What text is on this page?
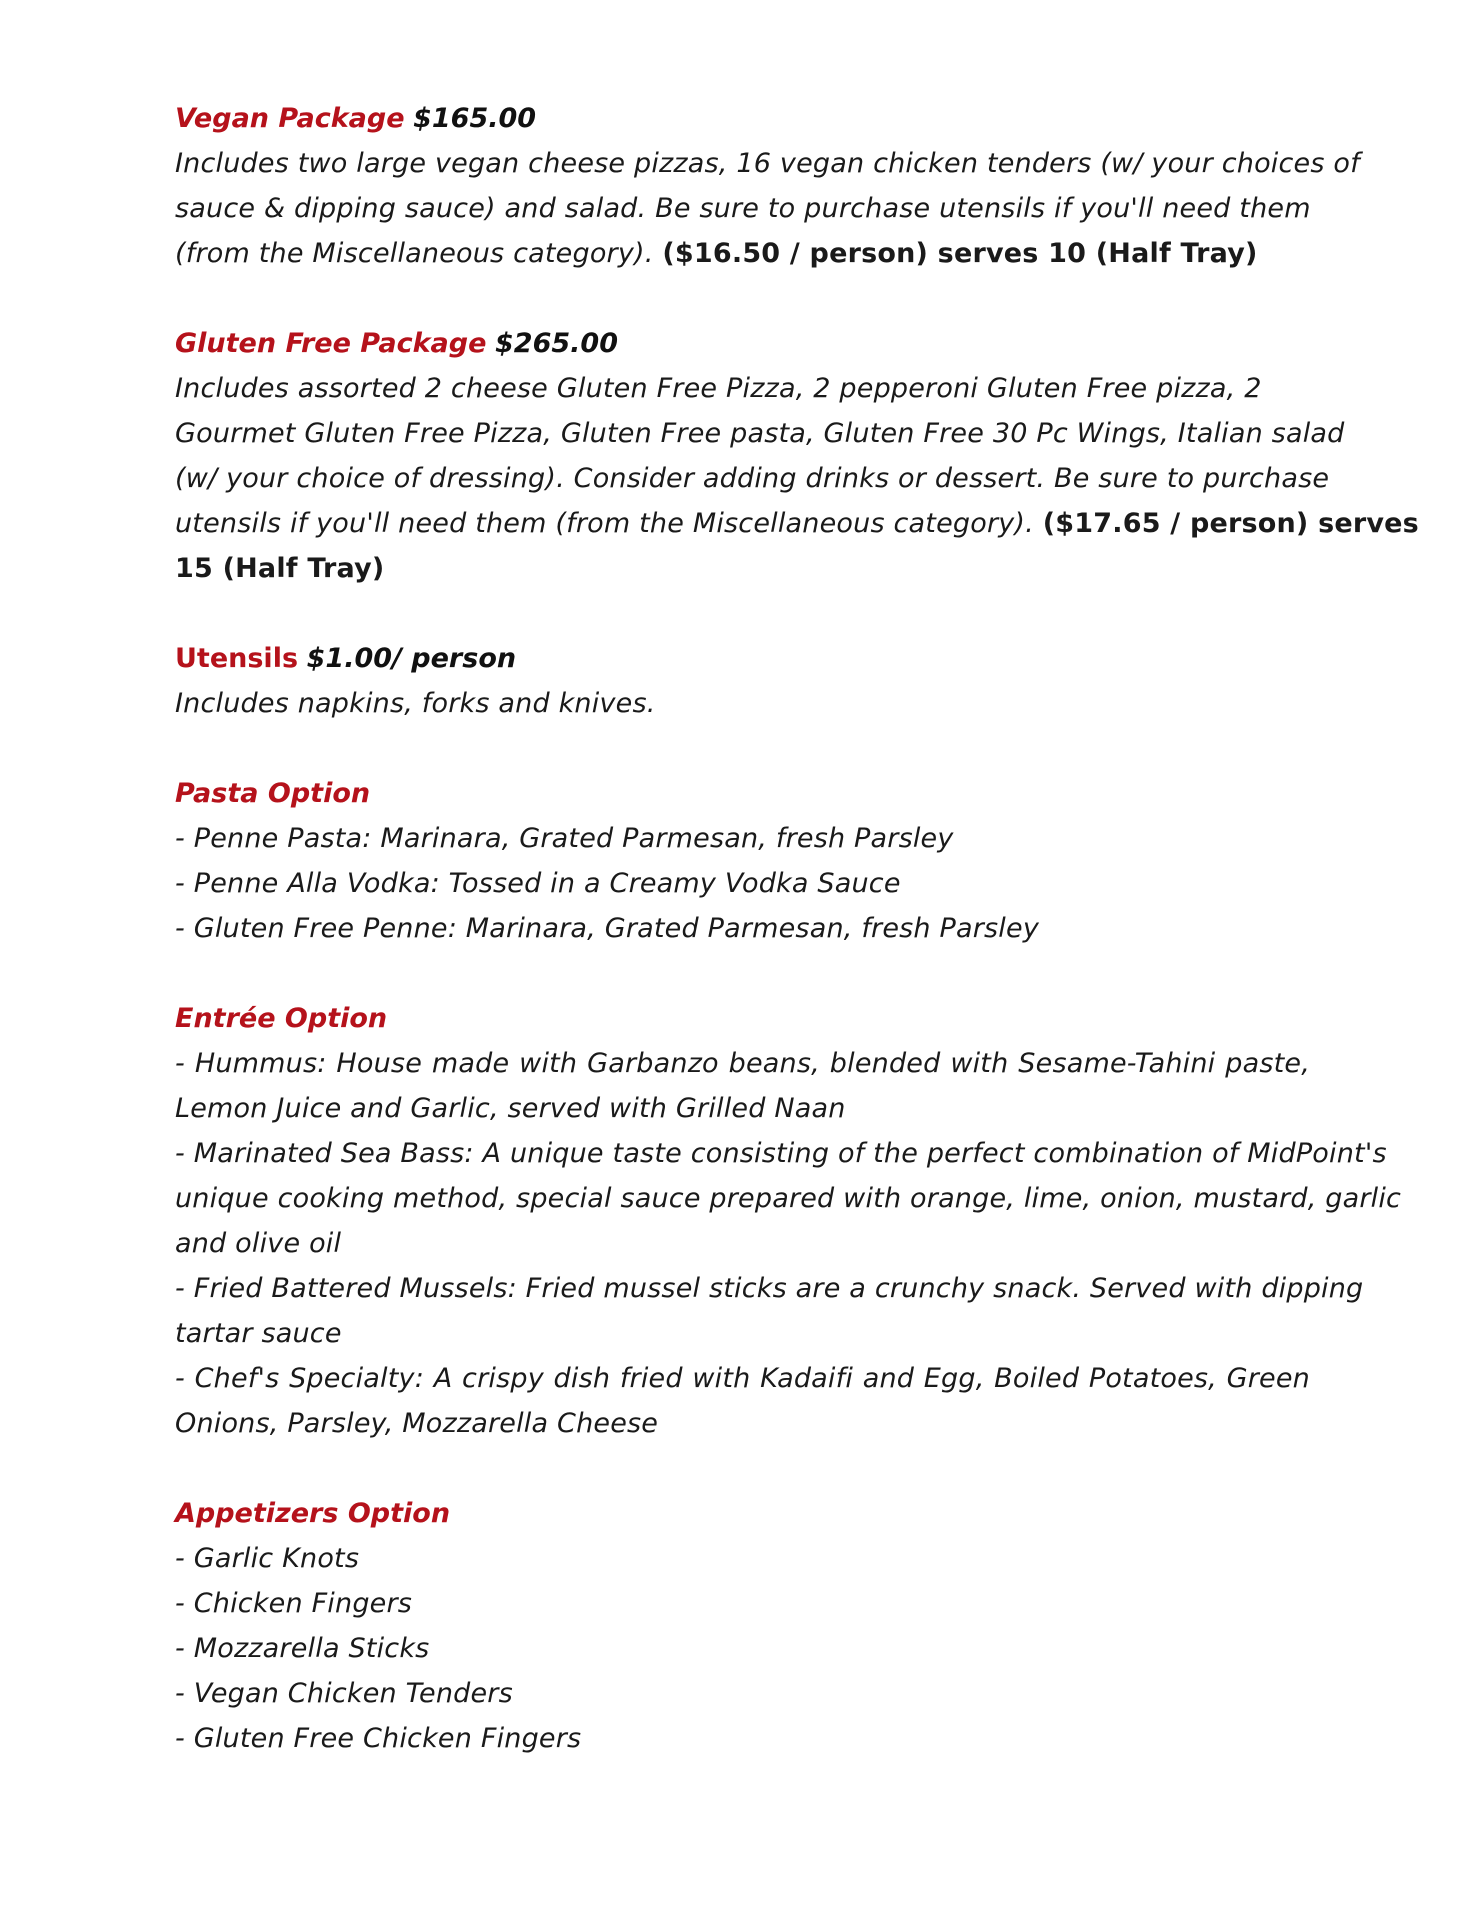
Vegan Package $165.00
Includes two large vegan cheese pizzas, 16 vegan chicken tenders (w/ your choices of
sauce & dipping sauce) and salad. Be sure to purchase utensils if you'll need them
(from the Miscellaneous category). ($16.50 / person) serves 10 (Half Tray)
Gluten Free Package $265.00
Includes assorted 2 cheese Gluten Free Pizza, 2 pepperoni Gluten Free pizza, 2
Gourmet Gluten Free Pizza, Gluten Free pasta, Gluten Free 30 Pc Wings, Italian salad
(w/ your choice of dressing). Consider adding drinks or dessert. Be sure to purchase
utensils if you'll need them (from the Miscellaneous category). ($17.65 / person) serves
15 (Half Tray)
Utensils $1.00/ person
Includes napkins, forks and knives.
Pasta Option
- Penne Pasta: Marinara, Grated Parmesan, fresh Parsley
- Penne Alla Vodka: Tossed in a Creamy Vodka Sauce
- Gluten Free Penne: Marinara, Grated Parmesan, fresh Parsley
Entrée Option
- Hummus: House made with Garbanzo beans, blended with Sesame-Tahini paste,
Lemon Juice and Garlic, served with Grilled Naan
- Marinated Sea Bass: A unique taste consisting of the perfect combination of MidPoint's
unique cooking method, special sauce prepared with orange, lime, onion, mustard, garlic
and olive oil
- Fried Battered Mussels: Fried mussel sticks are a crunchy snack. Served with dipping
tartar sauce
- Chef's Specialty: A crispy dish fried with Kadaifi and Egg, Boiled Potatoes, Green
Onions, Parsley, Mozzarella Cheese
Appetizers Option
- Garlic Knots
- Chicken Fingers
- Mozzarella Sticks
- Vegan Chicken Tenders
- Gluten Free Chicken Fingers
